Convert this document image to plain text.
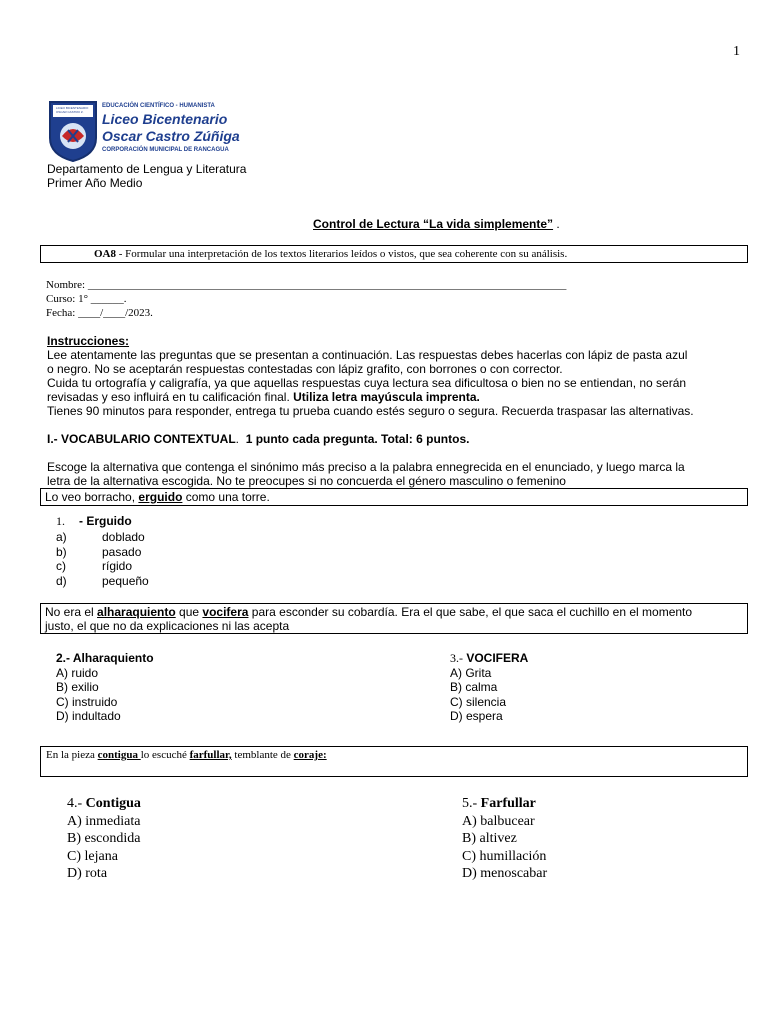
1
LICEO BICENTENARIO
OSCAR CASTRO Z.
EDUCACIÓN CIENTÍFICO - HUMANISTA
Liceo Bicentenario
Oscar Castro Zúñiga
CORPORACIÓN MUNICIPAL DE RANCAGUA
Departamento de Lengua y Literatura
Primer Año Medio
Control de Lectura “La vida simplemente” .
OA8 - Formular una interpretación de los textos literarios leídos o vistos, que sea coherente con su análisis.
Nombre: _______________________________________________________________________________________
Curso: 1° ______.
Fecha: ____/____/2023.
Instrucciones:
Lee atentamente las preguntas que se presentan a continuación. Las respuestas debes hacerlas con lápiz de pasta azul
o negro. No se aceptarán respuestas contestadas con lápiz grafito, con borrones o con corrector.
Cuida tu ortografía y caligrafía, ya que aquellas respuestas cuya lectura sea dificultosa o bien no se entiendan, no serán
revisadas y eso influirá en tu calificación final. Utiliza letra mayúscula imprenta.
Tienes 90 minutos para responder, entrega tu prueba cuando estés seguro o segura. Recuerda traspasar las alternativas.
I.- VOCABULARIO CONTEXTUAL. 1 punto cada pregunta. Total: 6 puntos.
Escoge la alternativa que contenga el sinónimo más preciso a la palabra ennegrecida en el enunciado, y luego marca la
letra de la alternativa escogida. No te preocupes si no concuerda el género masculino o femenino
Lo veo borracho, erguido como una torre.
1. - Erguido
a)	doblado
b)	pasado
c)	rígido
d)	pequeño
No era el alharaquiento que vocifera para esconder su cobardía. Era el que sabe, el que saca el cuchillo en el momento
justo, el que no da explicaciones ni las acepta
2.- Alharaquiento
A) ruido
B) exilio
C) instruido
D) indultado
3.- VOCIFERA
A) Grita
B) calma
C) silencia
D) espera
En la pieza contigua lo escuché farfullar, temblante de coraje:
4.- Contigua
A) inmediata
B) escondida
C) lejana
D) rota
5.- Farfullar
A) balbucear
B) altivez
C) humillación
D) menoscabar
